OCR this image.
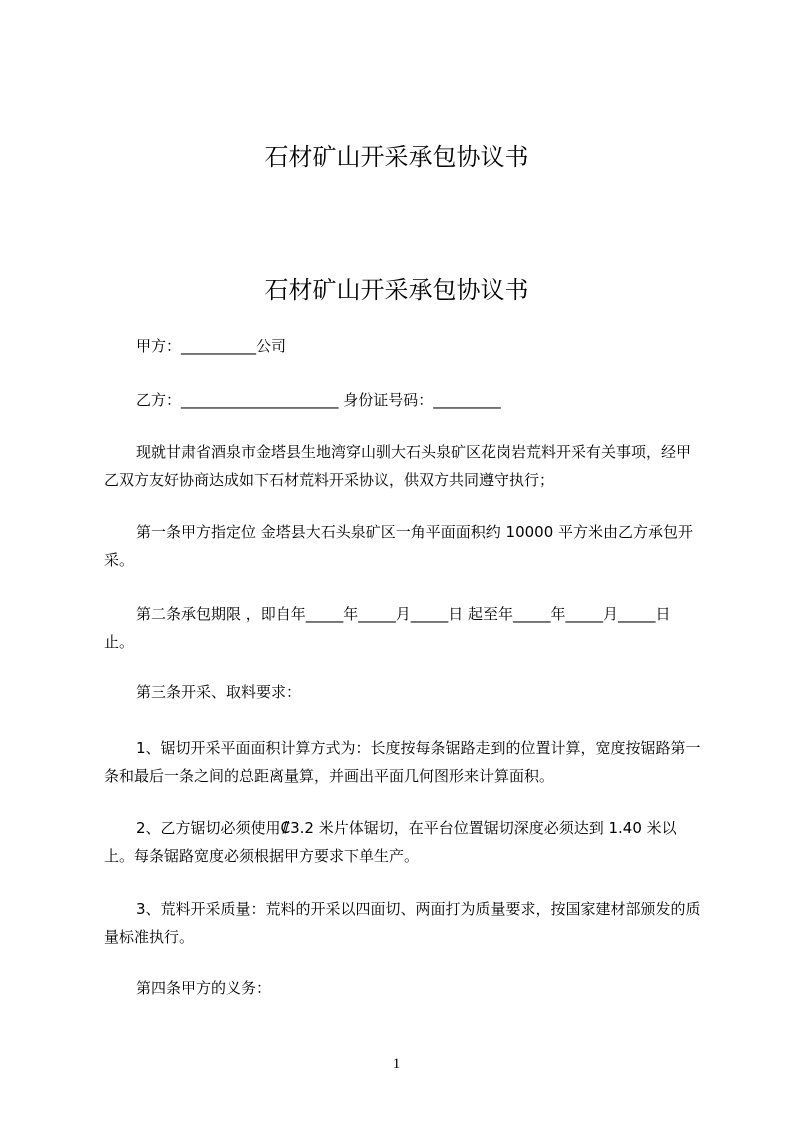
石材矿山开采承包协议书
石材矿山开采承包协议书

甲方：__________公司

乙方：_____________________ 身份证号码：_________

现就甘肃省酒泉市金塔县生地湾穿山驯大石头泉矿区花岗岩荒料开采有关事项，经甲乙双方友好协商达成如下石材荒料开采协议，供双方共同遵守执行；

第一条甲方指定位 金塔县大石头泉矿区一角平面面积约 10000 平方米由乙方承包开采。

第二条承包期限 ，即自年_____年_____月_____日 起至年_____年_____月_____日 止。

第三条开采、取料要求：

1、锯切开采平面面积计算方式为：长度按每条锯路走到的位置计算，宽度按锯路第一条和最后一条之间的总距离量算，并画出平面几何图形来计算面积。

2、乙方锯切必须使用₡3.2 米片体锯切，在平台位置锯切深度必须达到 1.40 米以上。每条锯路宽度必须根据甲方要求下单生产。

3、荒料开采质量：荒料的开采以四面切、两面打为质量要求，按国家建材部颁发的质量标准执行。

第四条甲方的义务：

1
